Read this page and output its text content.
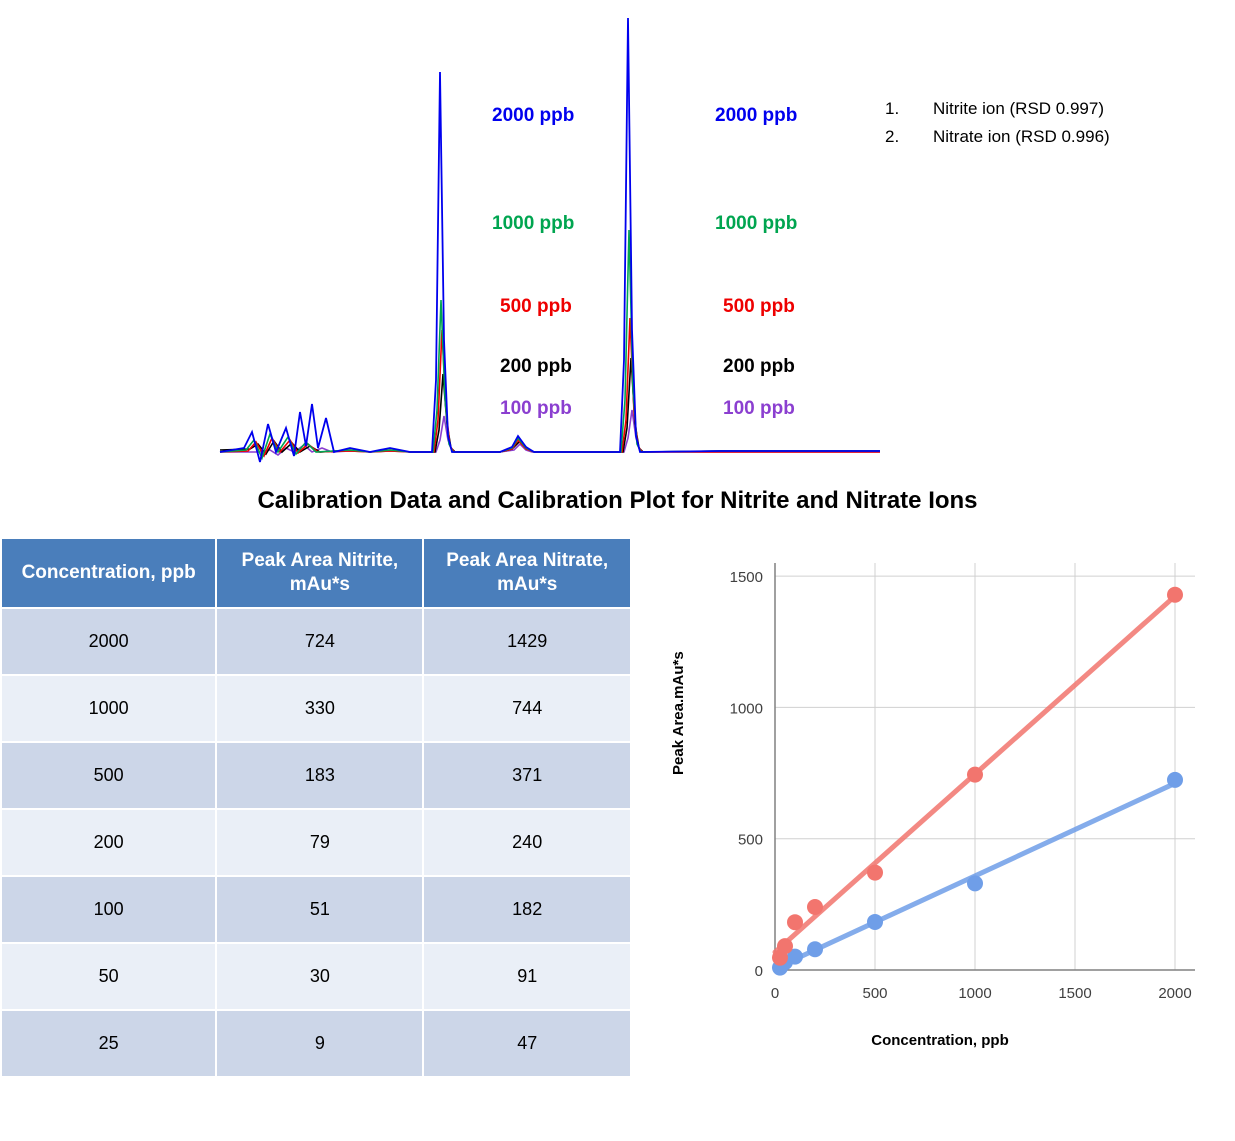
2000 ppb
1000 ppb
500 ppb
200 ppb
100 ppb
2000 ppb
1000 ppb
500 ppb
200 ppb
100 ppb
1.	Nitrite ion (RSD 0.997)
2.	Nitrate ion (RSD 0.996)
Calibration Data and Calibration Plot for Nitrite and Nitrate Ions
Concentration, ppb	Peak Area Nitrite, mAu*s	Peak Area Nitrate, mAu*s
2000	724	1429
1000	330	744
500	183	371
200	79	240
100	51	182
50	30	91
25	9	47
Peak Area.mAu*s
Concentration, ppb
0
500
1000
1500
0	500	1000	1500	2000
